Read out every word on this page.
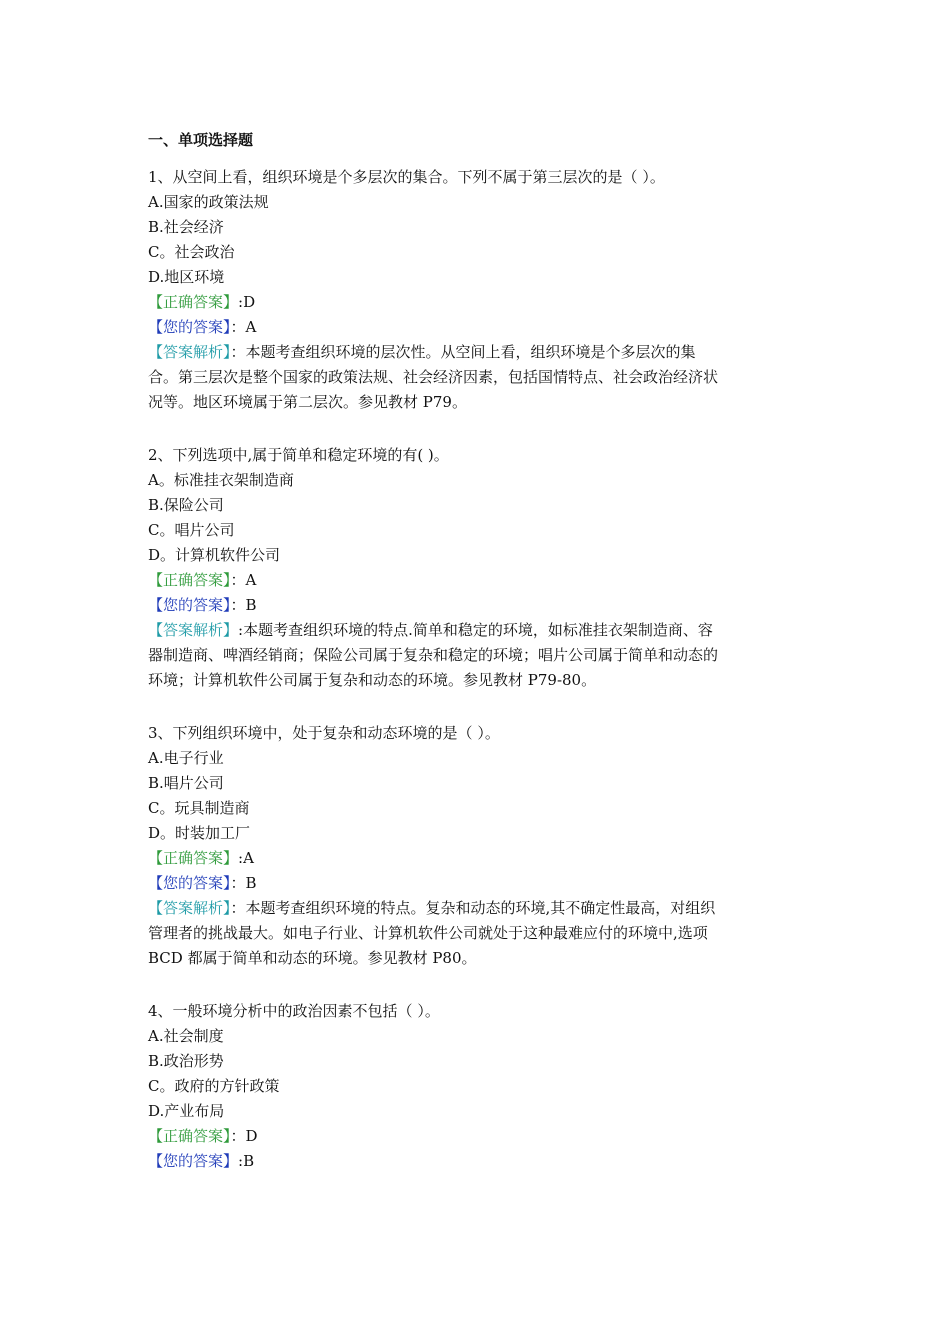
一、单项选择题
1、从空间上看，组织环境是个多层次的集合。下列不属于第三层次的是（ ）。
A.国家的政策法规
B.社会经济
C。社会政治
D.地区环境
【正确答案】:D
【您的答案】：A
【答案解析】：本题考查组织环境的层次性。从空间上看，组织环境是个多层次的集
合。第三层次是整个国家的政策法规、社会经济因素，包括国情特点、社会政治经济状
况等。地区环境属于第二层次。参见教材 P79。
2、下列选项中,属于简单和稳定环境的有( )。
A。标准挂衣架制造商
B.保险公司
C。唱片公司
D。计算机软件公司
【正确答案】：A
【您的答案】：B
【答案解析】:本题考查组织环境的特点.简单和稳定的环境，如标准挂衣架制造商、容
器制造商、啤酒经销商；保险公司属于复杂和稳定的环境；唱片公司属于简单和动态的
环境；计算机软件公司属于复杂和动态的环境。参见教材 P79-80。
3、下列组织环境中，处于复杂和动态环境的是（ ）。
A.电子行业
B.唱片公司
C。玩具制造商
D。时装加工厂
【正确答案】:A
【您的答案】：B
【答案解析】：本题考查组织环境的特点。复杂和动态的环境,其不确定性最高，对组织
管理者的挑战最大。如电子行业、计算机软件公司就处于这种最难应付的环境中,选项
BCD 都属于简单和动态的环境。参见教材 P80。
4、一般环境分析中的政治因素不包括（ ）。
A.社会制度
B.政治形势
C。政府的方针政策
D.产业布局
【正确答案】：D
【您的答案】:B
